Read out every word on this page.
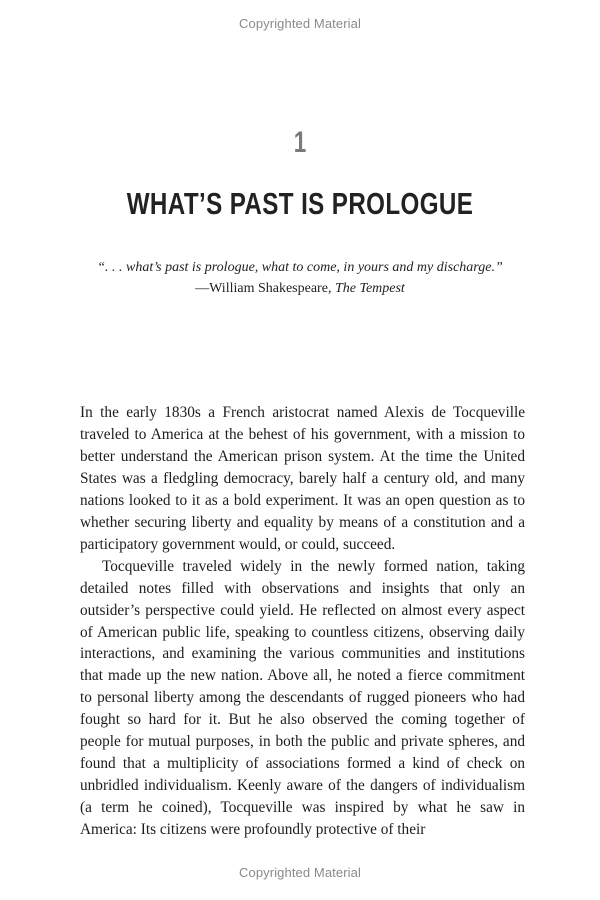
Copyrighted Material
1
WHAT’S PAST IS PROLOGUE
“. . . what’s past is prologue, what to come, in yours and my discharge.”
—William Shakespeare, The Tempest

In the early 1830s a French aristocrat named Alexis de Tocqueville traveled to America at the behest of his government, with a mission to better understand the American prison system. At the time the United States was a fledgling democracy, barely half a century old, and many nations looked to it as a bold experiment. It was an open question as to whether securing liberty and equality by means of a constitution and a participatory government would, or could, succeed.

Tocqueville traveled widely in the newly formed nation, taking detailed notes filled with observations and insights that only an outsider’s perspective could yield. He reflected on almost every aspect of American public life, speaking to countless citizens, observing daily interactions, and examining the various communities and institutions that made up the new nation. Above all, he noted a fierce commitment to personal liberty among the descendants of rugged pioneers who had fought so hard for it. But he also observed the coming together of people for mutual purposes, in both the public and private spheres, and found that a multiplicity of associations formed a kind of check on unbridled individualism. Keenly aware of the dangers of individualism (a term he coined), Tocqueville was inspired by what he saw in America: Its citizens were profoundly protective of their

Copyrighted Material
